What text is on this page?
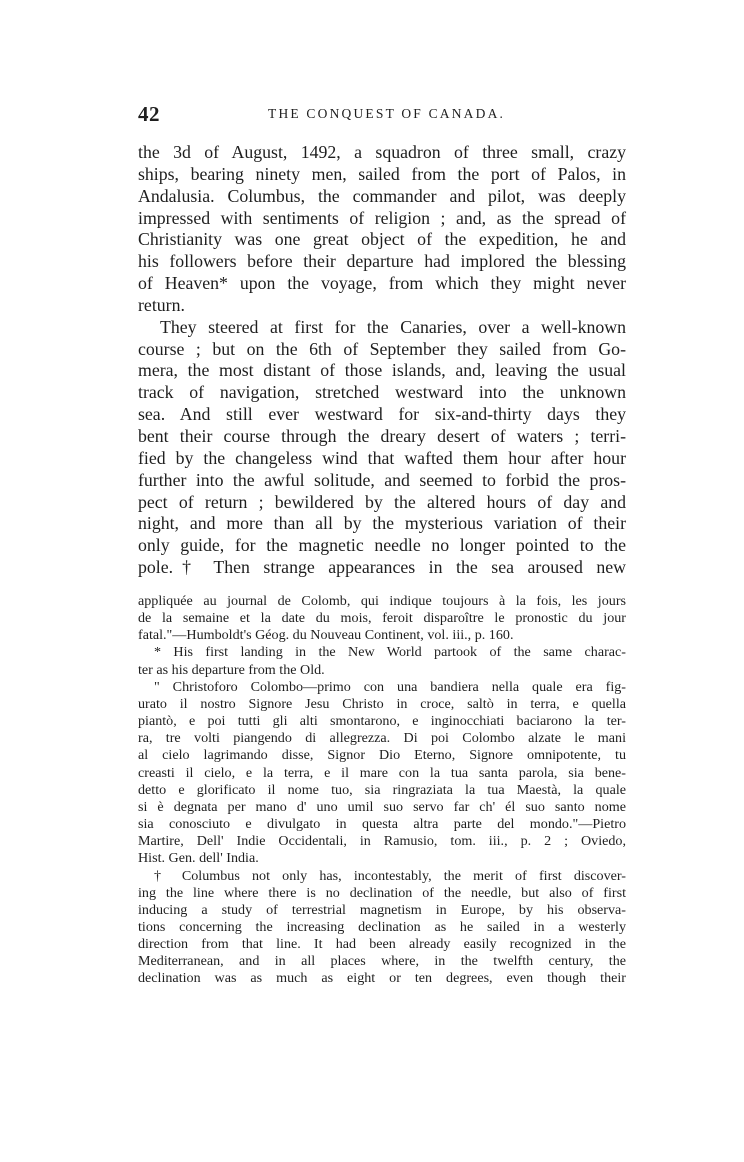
42	THE CONQUEST OF CANADA.

the 3d of August, 1492, a squadron of three small, crazy
ships, bearing ninety men, sailed from the port of Palos, in
Andalusia. Columbus, the commander and pilot, was deeply
impressed with sentiments of religion ; and, as the spread of
Christianity was one great object of the expedition, he and
his followers before their departure had implored the blessing
of Heaven* upon the voyage, from which they might never
return.

They steered at first for the Canaries, over a well-known
course ; but on the 6th of September they sailed from Go-
mera, the most distant of those islands, and, leaving the usual
track of navigation, stretched westward into the unknown
sea. And still ever westward for six-and-thirty days they
bent their course through the dreary desert of waters ; terri-
fied by the changeless wind that wafted them hour after hour
further into the awful solitude, and seemed to forbid the pros-
pect of return ; bewildered by the altered hours of day and
night, and more than all by the mysterious variation of their
only guide, for the magnetic needle no longer pointed to the
pole.† Then strange appearances in the sea aroused new

appliquée au journal de Colomb, qui indique toujours à la fois, les jours
de la semaine et la date du mois, feroit disparoître le pronostic du jour
fatal."—Humboldt's Géog. du Nouveau Continent, vol. iii., p. 160.

* His first landing in the New World partook of the same charac-
ter as his departure from the Old.

" Christoforo Colombo—primo con una bandiera nella quale era fig-
urato il nostro Signore Jesu Christo in croce, saltò in terra, e quella
piantò, e poi tutti gli alti smontarono, e inginocchiati baciarono la ter-
ra, tre volti piangendo di allegrezza. Di poi Colombo alzate le mani
al cielo lagrimando disse, Signor Dio Eterno, Signore omnipotente, tu
creasti il cielo, e la terra, e il mare con la tua santa parola, sia bene-
detto e glorificato il nome tuo, sia ringraziata la tua Maestà, la quale
si è degnata per mano d' uno umil suo servo far ch' él suo santo nome
sia conosciuto e divulgato in questa altra parte del mondo."—Pietro
Martire, Dell' Indie Occidentali, in Ramusio, tom. iii., p. 2 ; Oviedo,
Hist. Gen. dell' India.

† Columbus not only has, incontestably, the merit of first discover-
ing the line where there is no declination of the needle, but also of first
inducing a study of terrestrial magnetism in Europe, by his observa-
tions concerning the increasing declination as he sailed in a westerly
direction from that line. It had been already easily recognized in the
Mediterranean, and in all places where, in the twelfth century, the
declination was as much as eight or ten degrees, even though their
